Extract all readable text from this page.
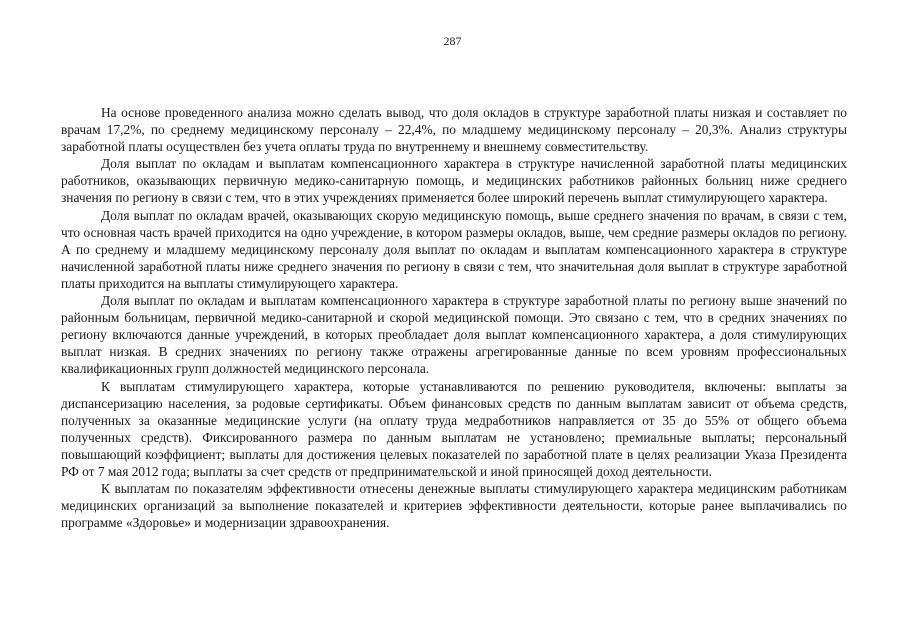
287

На основе проведенного анализа можно сделать вывод, что доля окладов в структуре заработной платы низкая и составляет по врачам 17,2%, по среднему медицинскому персоналу – 22,4%, по младшему медицинскому персоналу – 20,3%. Анализ структуры заработной платы осуществлен без учета оплаты труда по внутреннему и внешнему совместительству.

Доля выплат по окладам и выплатам компенсационного характера в структуре начисленной заработной платы медицинских работников, оказывающих первичную медико-санитарную помощь, и медицинских работников районных больниц ниже среднего значения по региону в связи с тем, что в этих учреждениях применяется более широкий перечень выплат стимулирующего характера.

Доля выплат по окладам врачей, оказывающих скорую медицинскую помощь, выше среднего значения по врачам, в связи с тем, что основная часть врачей приходится на одно учреждение, в котором размеры окладов, выше, чем средние размеры окладов по региону. А по среднему и младшему медицинскому персоналу доля выплат по окладам и выплатам компенсационного характера в структуре начисленной заработной платы ниже среднего значения по региону в связи с тем, что значительная доля выплат в структуре заработной платы приходится на выплаты стимулирующего характера.

Доля выплат по окладам и выплатам компенсационного характера в структуре заработной платы по региону выше значений по районным больницам, первичной медико-санитарной и скорой медицинской помощи. Это связано с тем, что в средних значениях по региону включаются данные учреждений, в которых преобладает доля выплат компенсационного характера, а доля стимулирующих выплат низкая. В средних значениях по региону также отражены агрегированные данные по всем уровням профессиональных квалификационных групп должностей медицинского персонала.

К выплатам стимулирующего характера, которые устанавливаются по решению руководителя, включены: выплаты за диспансеризацию населения, за родовые сертификаты. Объем финансовых средств по данным выплатам зависит от объема средств, полученных за оказанные медицинские услуги (на оплату труда медработников направляется от 35 до 55% от общего объема полученных средств). Фиксированного размера по данным выплатам не установлено; премиальные выплаты; персональный повышающий коэффициент; выплаты для достижения целевых показателей по заработной плате в целях реализации Указа Президента РФ от 7 мая 2012 года; выплаты за счет средств от предпринимательской и иной приносящей доход деятельности.

К выплатам по показателям эффективности отнесены денежные выплаты стимулирующего характера медицинским работникам медицинских организаций за выполнение показателей и критериев эффективности деятельности, которые ранее выплачивались по программе «Здоровье» и модернизации здравоохранения.
